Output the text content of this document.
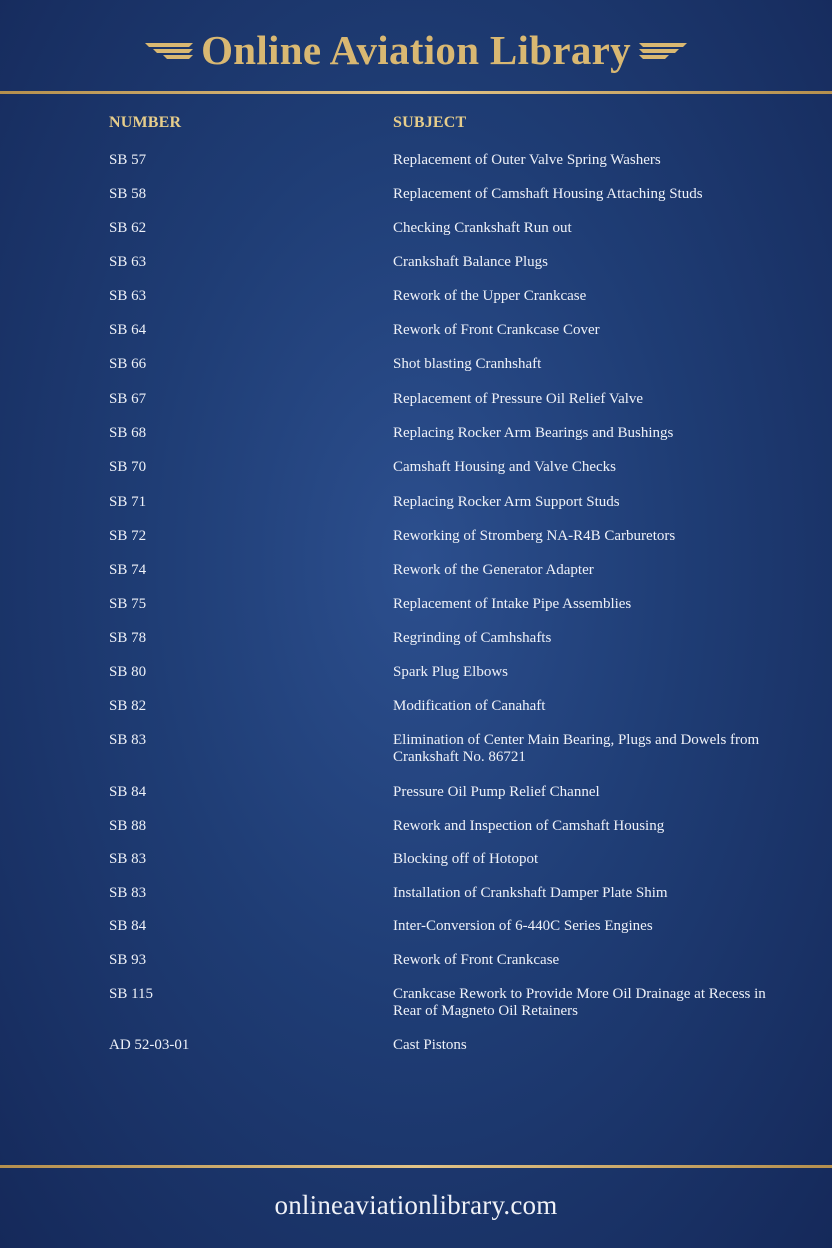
Online Aviation Library
NUMBER	SUBJECT
SB 57	Replacement of Outer Valve Spring Washers
SB 58	Replacement of Camshaft Housing Attaching Studs
SB 62	Checking Crankshaft Run out
SB 63	Crankshaft Balance Plugs
SB 63	Rework of the Upper Crankcase
SB 64	Rework of Front Crankcase Cover
SB 66	Shot blasting Cranhshaft
SB 67	Replacement of Pressure Oil Relief Valve
SB 68	Replacing Rocker Arm Bearings and Bushings
SB 70	Camshaft Housing and Valve Checks
SB 71	Replacing Rocker Arm Support Studs
SB 72	Reworking of Stromberg NA-R4B Carburetors
SB 74	Rework of the Generator Adapter
SB 75	Replacement of Intake Pipe Assemblies
SB 78	Regrinding of Camhshafts
SB 80	Spark Plug Elbows
SB 82	Modification of Canahaft
SB 83	Elimination of Center Main Bearing, Plugs and Dowels from Crankshaft No. 86721
SB 84	Pressure Oil Pump Relief Channel
SB 88	Rework and Inspection of Camshaft Housing
SB 83	Blocking off of Hotopot
SB 83	Installation of Crankshaft Damper Plate Shim
SB 84	Inter-Conversion of 6-440C Series Engines
SB 93	Rework of Front Crankcase
SB 115	Crankcase Rework to Provide More Oil Drainage at Recess in Rear of Magneto Oil Retainers
AD 52-03-01	Cast Pistons
onlineaviationlibrary.com
